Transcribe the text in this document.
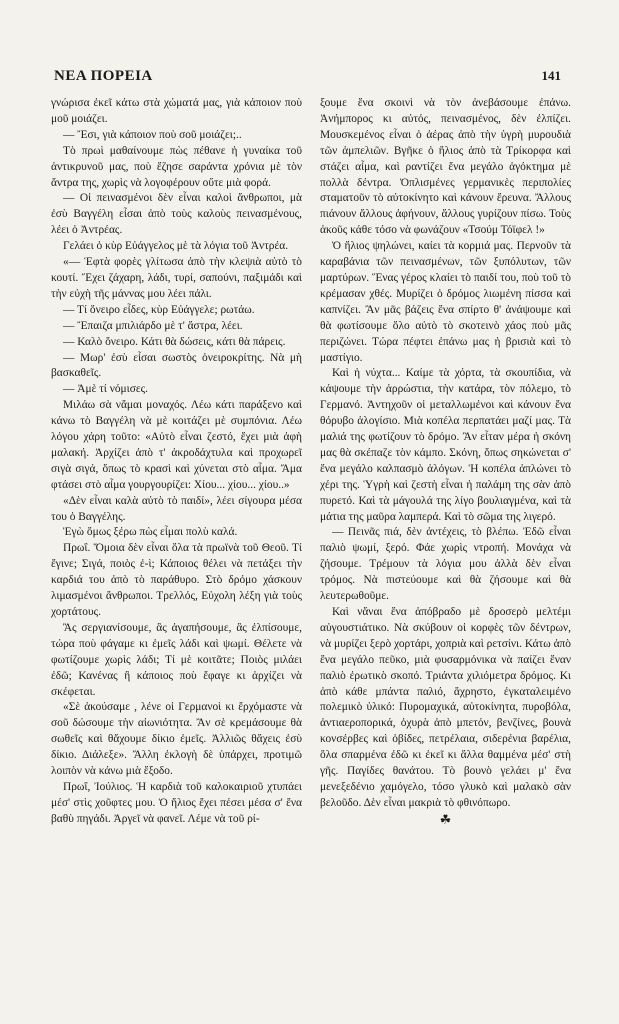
ΝΕΑ ΠΟΡΕΙΑ	141

γνώρισα ἐκεῖ κάτω στὰ χώματά μας, γιὰ κάποιον ποὺ μοῦ μοιάζει.

— Ἔσι, γιὰ κάποιον ποὺ σοῦ μοιάζει;..

Τὸ πρωὶ μαθαίνουμε πὼς πέθανε ἡ γυναίκα τοῦ ἀντικρυνοῦ μας, ποὺ ἔζησε σαράντα χρόνια μὲ τὸν ἄντρα της, χωρὶς νὰ λογοφέρουν οὔτε μιὰ φορά.

— Οἱ πεινασμένοι δὲν εἶναι καλοὶ ἄνθρωποι, μὰ ἐσὺ Βαγγέλη εἶσαι ἀπὸ τοὺς καλοὺς πεινασμένους, λέει ὁ Ἀντρέας.

Γελάει ὁ κὺρ Εὐάγγελος μὲ τὰ λόγια τοῦ Ἀντρέα.

«— Ἑφτὰ φορὲς γλίτωσα ἀπὸ τὴν κλεψιὰ αὐτὸ τὸ κουτί. Ἔχει ζάχαρη, λάδι, τυρί, σαπούνι, παξιμάδι καὶ τὴν εὐχὴ τῆς μάννας μου λέει πάλι.

— Τί ὄνειρο εἶδες, κὺρ Εὐάγγελε; ρωτάω.

— Ἔπαιζα μπιλιάρδο μὲ τ' ἄστρα, λέει.

— Καλὸ ὄνειρο. Κάτι θὰ δώσεις, κάτι θὰ πάρεις.

— Μωρ' ἐσὺ εἶσαι σωστὸς ὀνειροκρίτης. Νὰ μὴ βασκαθεῖς.

— Ἀμὲ τί νόμισες.

Μιλάω σὰ νἄμαι μοναχός. Λέω κάτι παράξενο καὶ κάνω τὸ Βαγγέλη νὰ μὲ κοιτάζει μὲ συμπόνια. Λέω λόγου χάρη τοῦτο: «Αὐτὸ εἶναι ζεστό, ἔχει μιὰ ἀφὴ μαλακή. Ἀρχίζει ἀπὸ τ' ἀκροδάχτυλα καὶ προχωρεῖ σιγὰ σιγά, ὅπως τὸ κρασὶ καὶ χύνεται στὸ αἷμα. Ἄμα φτάσει στὸ αἷμα γουργουρίζει: Χίου... χίου... χίου..»

«Δὲν εἶναι καλὰ αὐτὸ τὸ παιδί», λέει σίγουρα μέσα του ὁ Βαγγέλης.

Ἐγὼ ὅμως ξέρω πὼς εἶμαι πολὺ καλά.

Πρωΐ. Ὅμοια δὲν εἶναι ὅλα τὰ πρωϊνὰ τοῦ Θεοῦ. Τί ἔγινε; Σιγά, ποιὸς ἐ-ὶ; Κάποιος θέλει νὰ πετάξει τὴν καρδιά του ἀπὸ τὸ παράθυρο. Στὸ δρόμο χάσκουν λιμασμένοι ἄνθρωποι. Τρελλός, Εὐχολη λέξη γιὰ τοὺς χορτάτους.

Ἂς σεργιανίσουμε, ἂς ἀγαπήσουμε, ἂς ἐλπίσουμε, τώρα ποὺ φάγαμε κι ἐμεῖς λάδι καὶ ψωμί. Θέλετε νὰ φωτίζουμε χωρὶς λάδι; Τί μὲ κοιτᾶτε; Ποιὸς μιλάει ἐδῶ; Κανένας ἢ κάποιος ποὺ ἔφαγε κι ἀρχίζει νὰ σκέφεται.

«Σὲ ἀκούσαμε , λένε οἱ Γερμανοὶ κι ἔρχόμαστε νὰ σοῦ δώσουμε τὴν αἰωνιότητα. Ἂν σὲ κρεμάσουμε θὰ σωθεῖς καὶ θἄχουμε δίκιο ἐμεῖς. Ἀλλιῶς θἄχεις ἐσὺ δίκιο. Διάλεξε». Ἄλλη ἐκλογὴ δὲ ὑπάρχει, προτιμῶ λοιπὸν νὰ κάνω μιὰ ἔξοδο.

Πρωΐ, Ἰούλιος. Ἡ καρδιὰ τοῦ καλοκαιριοῦ χτυπάει μέσ' στὶς χοῦφτες μου. Ὁ ἥλιος ἔχει πέσει μέσα σ' ἕνα βαθὺ πηγάδι. Ἀργεῖ νὰ φανεῖ. Λέμε νὰ τοῦ ρί-

ξουμε ἕνα σκοινὶ νὰ τὸν ἀνεβάσουμε ἐπάνω. Ἀνήμπορος κι αὐτός, πεινασμένος, δὲν ἐλπίζει. Μουσκεμένος εἶναι ὁ ἀέρας ἀπὸ τὴν ὑγρὴ μυρουδιὰ τῶν ἀμπελιῶν. Βγῆκε ὁ ἥλιος ἀπὸ τὰ Τρίκορφα καὶ στάζει αἷμα, καὶ ραντίζει ἕνα μεγάλο ἀγόκτημα μὲ πολλὰ δέντρα. Ὁπλισμένες γερμανικὲς περιπολίες σταματοῦν τὸ αὐτοκίνητο καὶ κάνουν ἔρευνα. Ἄλλους πιάνουν ἄλλους ἀφήνουν, ἄλλους γυρίζουν πίσω. Τοὺς ἀκοῦς κάθε τόσο νὰ φωνάζουν «Τσούμ Τόϊφελ !»

Ὁ ἥλιος ψηλώνει, καίει τὰ κορμιά μας. Περνοῦν τὰ καραβάνια τῶν πεινασμένων, τῶν ξυπόλυτων, τῶν μαρτύρων. Ἕνας γέρος κλαίει τὸ παιδί του, ποὺ τοῦ τὸ κρέμασαν χθές. Μυρίζει ὁ δρόμος λιωμένη πίσσα καὶ καπνίζει. Ἂν μᾶς βάζεις ἕνα σπίρτο θ' ἀνάψουμε καὶ θὰ φωτίσουμε ὅλο αὐτὸ τὸ σκοτεινὸ χάος ποὺ μᾶς περιζώνει. Τώρα πέφτει ἐπάνω μας ἡ βρισιὰ καὶ τὸ μαστίγιο.

Καὶ ἡ νύχτα... Καίμε τὰ χόρτα, τὰ σκουπίδια, νὰ κάψουμε τὴν ἀρρώστια, τὴν κατάρα, τὸν πόλεμο, τὸ Γερμανό. Ἀντηχοῦν οἱ μεταλλωμένοι καὶ κάνουν ἕνα θόρυβο ἀλογίσιο. Μιὰ κοπέλα περπατάει μαζί μας. Τὰ μαλιά της φωτίζουν τὸ δρόμο. Ἂν εἶταν μέρα ἡ σκόνη μας θὰ σκέπαζε τὸν κάμπο. Σκόνη, ὅπως σηκώνεται σ' ἕνα μεγάλο καλπασμὸ ἀλόγων. Ἡ κοπέλα ἁπλώνει τὸ χέρι της. Ὑγρὴ καὶ ζεστὴ εἶναι ἡ παλάμη της σὰν ἀπὸ πυρετό. Καὶ τὰ μάγουλά της λίγο βουλιαγμένα, καὶ τὰ μάτια της μαῦρα λαμπερά. Καὶ τὸ σῶμα της λιγερό.

— Πεινᾶς πιά, δὲν ἀντέχεις, τὸ βλέπω. Ἐδῶ εἶναι παλιὸ ψωμί, ξερό. Φάε χωρὶς ντροπή. Μονάχα νὰ ζήσουμε. Τρέμουν τὰ λόγια μου ἀλλὰ δὲν εἶναι τρόμος. Νὰ πιστεύουμε καὶ θὰ ζήσουμε καὶ θὰ λευτερωθοῦμε.

Καὶ νἄναι ἕνα ἀπόβραδο μὲ δροσερὸ μελτέμι αὐγουστιάτικο. Νὰ σκύβουν οἱ κορφὲς τῶν δέντρων, νὰ μυρίζει ξερὸ χορτάρι, χοπριὰ καὶ ρετσίνι. Κάτω ἀπὸ ἕνα μεγάλο πεῦκο, μιὰ φυσαρμόνικα νὰ παίζει ἕναν παλιὸ ἐρωτικὸ σκοπό. Τριάντα χιλιόμετρα δρόμος. Κι ἀπὸ κάθε μπάντα παλιό, ἄχρηστο, ἐγκαταλειμένο πολεμικὸ ὑλικό: Πυρομαχικά, αὐτοκίνητα, πυροβόλα, ἀντιαεροπορικά, ὀχυρὰ ἀπὸ μπετόν, βενζίνες, βουνὰ κονσέρβες καὶ ὀβίδες, πετρέλαια, σιδερένια βαρέλια, ὅλα σπαρμένα ἐδῶ κι ἐκεῖ κι ἄλλα θαμμένα μέσ' στὴ γῆς. Παγίδες θανάτου. Τὸ βουνὸ γελάει μ' ἕνα μενεξεδένιο χαμόγελο, τόσο γλυκὸ καὶ μαλακὸ σὰν βελοῦδο. Δὲν εἶναι μακριὰ τὸ φθινόπωρο.

☘
